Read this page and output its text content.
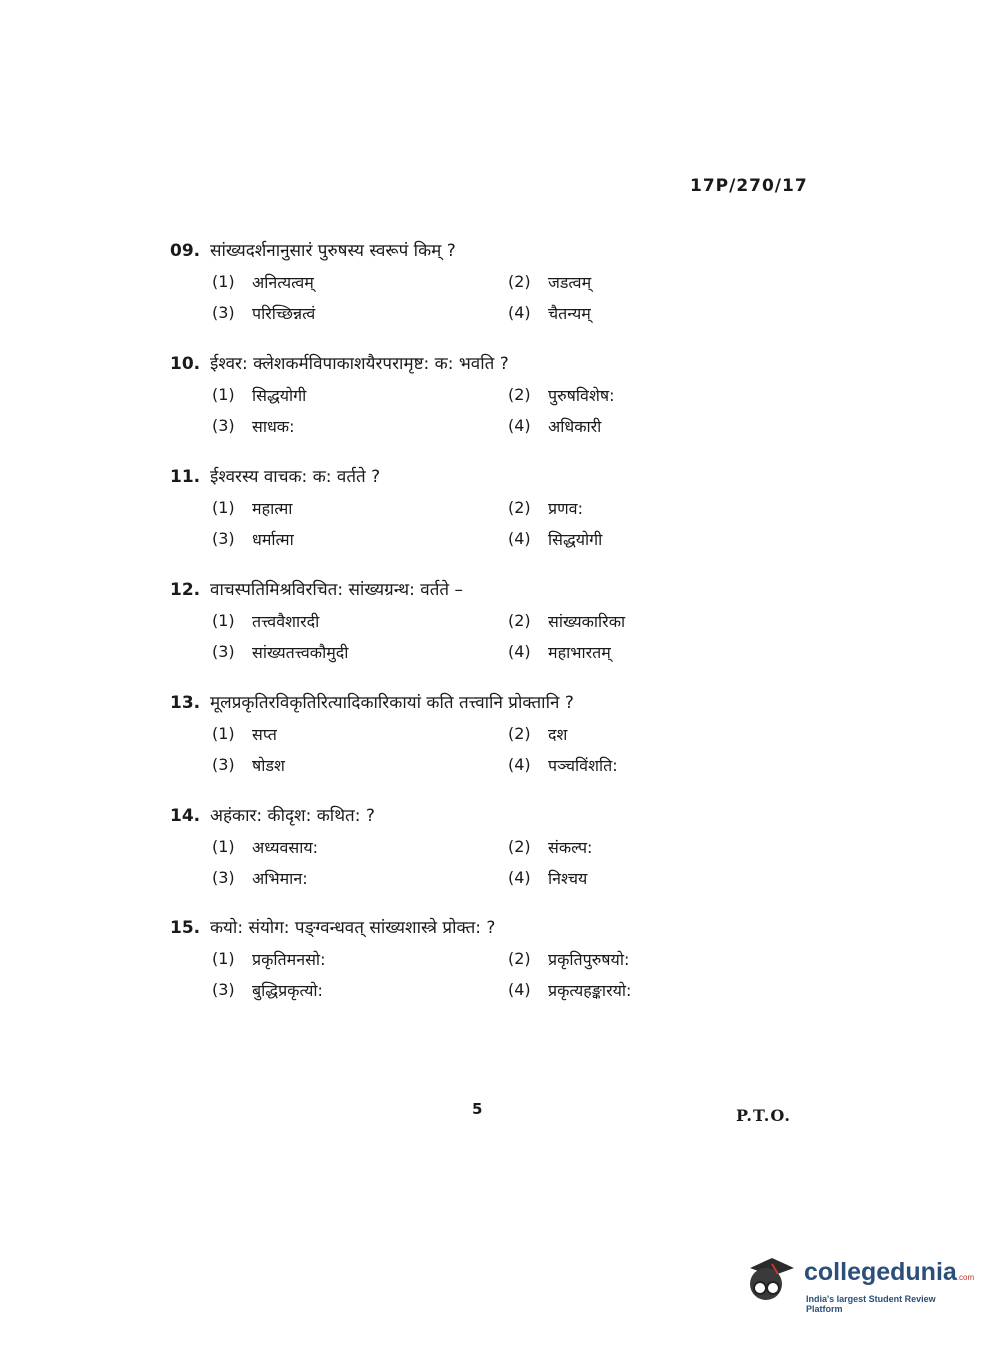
17P/270/17
09. सांख्यदर्शनानुसारं पुरुषस्य स्वरूपं किम् ?
(1)	अनित्यत्वम्	(2)	जडत्वम्
(3)	परिच्छिन्नत्वं	(4)	चैतन्यम्
10. ईश्वर: क्लेशकर्मविपाकाशयैरपरामृष्ट: क: भवति ?
(1)	सिद्धयोगी	(2)	पुरुषविशेष:
(3)	साधक:	(4)	अधिकारी
11. ईश्वरस्य वाचक: क: वर्तते ?
(1)	महात्मा	(2)	प्रणव:
(3)	धर्मात्मा	(4)	सिद्धयोगी
12. वाचस्पतिमिश्रविरचित: सांख्यग्रन्थ: वर्तते –
(1)	तत्त्ववैशारदी	(2)	सांख्यकारिका
(3)	सांख्यतत्त्वकौमुदी	(4)	महाभारतम्
13. मूलप्रकृतिरविकृतिरित्यादिकारिकायां कति तत्त्वानि प्रोक्तानि ?
(1)	सप्त	(2)	दश
(3)	षोडश	(4)	पञ्चविंशति:
14. अहंकार: कीदृश: कथित: ?
(1)	अध्यवसाय:	(2)	संकल्प:
(3)	अभिमान:	(4)	निश्चय
15. कयो: संयोग: पङ्ग्वन्धवत् सांख्यशास्त्रे प्रोक्त: ?
(1)	प्रकृतिमनसो:	(2)	प्रकृतिपुरुषयो:
(3)	बुद्धिप्रकृत्यो:	(4)	प्रकृत्यहङ्कारयो:
5	P.T.O.
collegedunia.com
India's largest Student Review Platform
